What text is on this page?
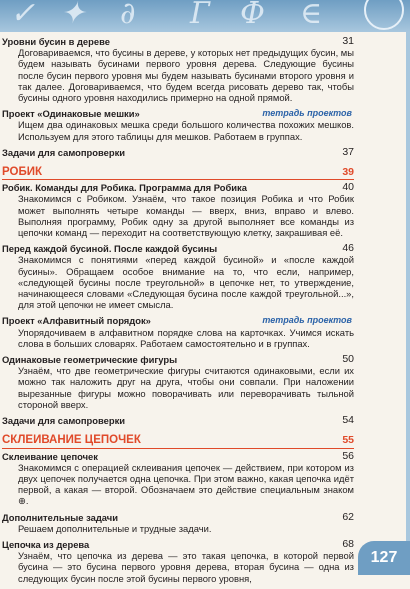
✓ ✦ ∂ Г Ф ∈
Уровни бусин в дереве	31
Договариваемся, что бусины в дереве, у которых нет предыдущих бусин, мы будем называть бусинами первого уровня дерева. Следующие бусины после бусин первого уровня мы будем называть бусинами второго уровня и так далее. Договариваемся, что будем всегда рисовать дерево так, чтобы бусины одного уровня находились примерно на одной прямой.
Проект «Одинаковые мешки»	тетрадь проектов
Ищем два одинаковых мешка среди большого количества похожих мешков. Используем для этого таблицы для мешков. Работаем в группах.
Задачи для самопроверки	37
РОБИК	39
Робик. Команды для Робика. Программа для Робика	40
Знакомимся с Робиком. Узнаём, что такое позиция Робика и что Робик может выполнять четыре команды — вверх, вниз, вправо и влево. Выполняя программу, Робик одну за другой выполняет все команды из цепочки команд — переходит на соответствующую клетку, закрашивая её.
Перед каждой бусиной. После каждой бусины	46
Знакомимся с понятиями «перед каждой бусиной» и «после каждой бусины». Обращаем особое внимание на то, что если, например, «следующей бусины после треугольной» в цепочке нет, то утверждение, начинающееся словами «Следующая бусина после каждой треугольной...», для этой цепочки не имеет смысла.
Проект «Алфавитный порядок»	тетрадь проектов
Упорядочиваем в алфавитном порядке слова на карточках. Учимся искать слова в больших словарях. Работаем самостоятельно и в группах.
Одинаковые геометрические фигуры	50
Узнаём, что две геометрические фигуры считаются одинаковыми, если их можно так наложить друг на друга, чтобы они совпали. При наложении вырезанные фигуры можно поворачивать или переворачивать тыльной стороной вверх.
Задачи для самопроверки	54
СКЛЕИВАНИЕ ЦЕПОЧЕК	55
Склеивание цепочек	56
Знакомимся с операцией склеивания цепочек — действием, при котором из двух цепочек получается одна цепочка. При этом важно, какая цепочка идёт первой, а какая — второй. Обозначаем это действие специальным знаком ⊕.
Дополнительные задачи	62
Решаем дополнительные и трудные задачи.
Цепочка из дерева	68
Узнаём, что цепочка из дерева — это такая цепочка, в которой первой бусина — это бусина первого уровня дерева, вторая бусина — одна из следующих бусин после этой бусины первого уровня,
127
